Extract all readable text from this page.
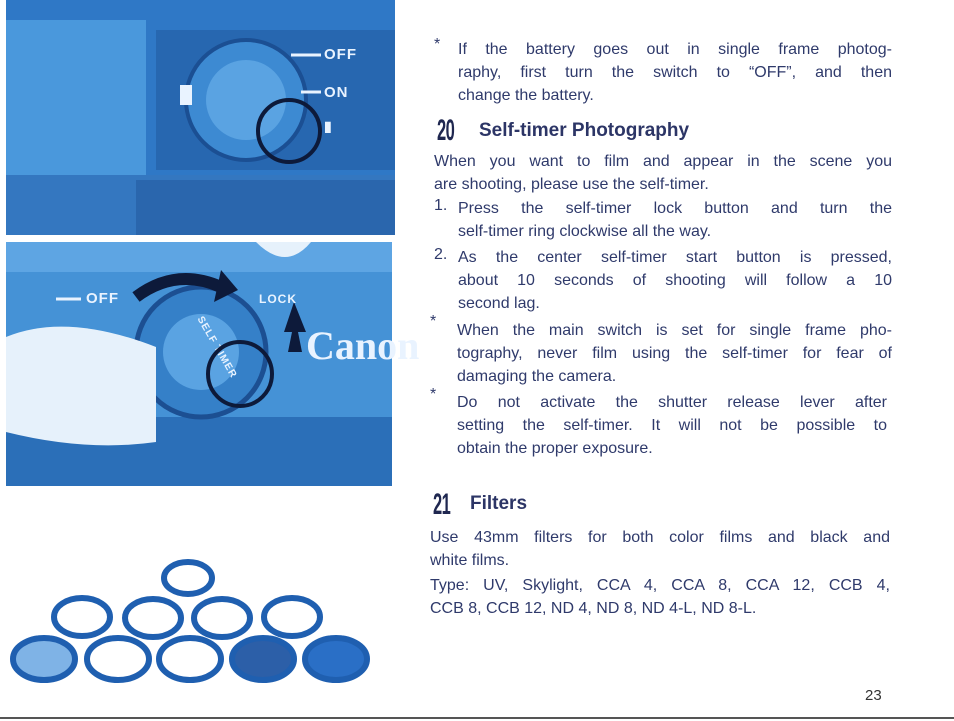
OFF
ON
▮
OFF	LOCK
SELF TIMER Canon
* If the battery goes out in single frame photog-
raphy, first turn the switch to “OFF”, and then
change the battery.
20 Self-timer Photography
When you want to film and appear in the scene you
are shooting, please use the self-timer.
1. Press the self-timer lock button and turn the
self-timer ring clockwise all the way.
2. As the center self-timer start button is pressed,
about 10 seconds of shooting will follow a 10
second lag.
*
When the main switch is set for single frame pho-
tography, never film using the self-timer for fear of
damaging the camera.
* Do not activate the shutter release lever after
setting the self-timer. It will not be possible to
obtain the proper exposure.
21 Filters
Use 43mm filters for both color films and black and
white films.
Type: UV, Skylight, CCA 4, CCA 8, CCA 12, CCB 4,
CCB 8, CCB 12, ND 4, ND 8, ND 4-L, ND 8-L.
23
